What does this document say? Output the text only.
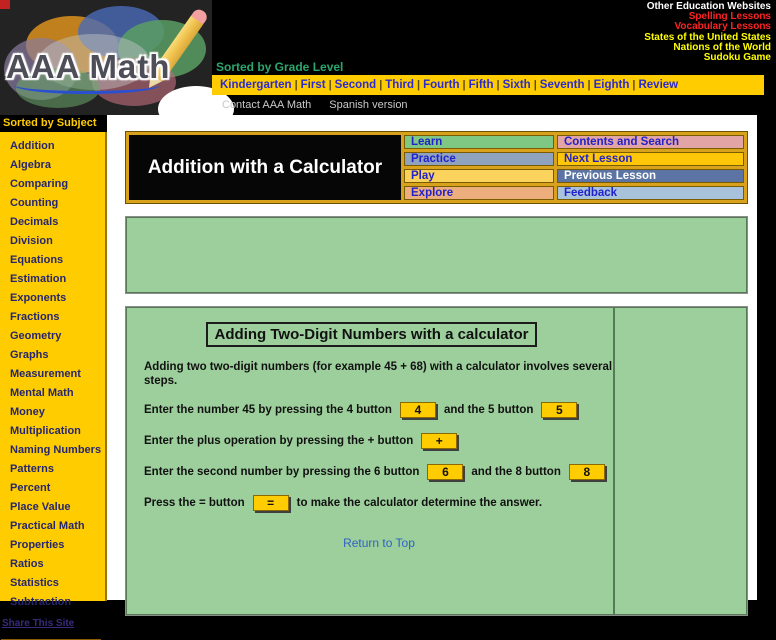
AAA Math
Other Education Websites
Spelling Lessons
Vocabulary Lessons
States of the United States
Nations of the World
Sudoku Game
Sorted by Grade Level
Kindergarten | First | Second | Third | Fourth | Fifth | Sixth | Seventh | Eighth | Review
Contact AAA Math Spanish version
Sorted by Subject
Addition
Algebra
Comparing
Counting
Decimals
Division
Equations
Estimation
Exponents
Fractions
Geometry
Graphs
Measurement
Mental Math
Money
Multiplication
Naming Numbers
Patterns
Percent
Place Value
Practical Math
Properties
Ratios
Statistics
Subtraction
Share This Site
Addition with a Calculator
Learn	Contents and Search
Practice	Next Lesson
Play	Previous Lesson
Explore	Feedback
Adding Two-Digit Numbers with a calculator

Adding two two-digit numbers (for example 45 + 68) with a calculator involves several steps.

Enter the number 45 by pressing the 4 button	4	and the 5 button	5
Enter the plus operation by pressing the + button	+
Enter the second number by pressing the 6 button	6	and the 8 button	8
Press the = button	=	to make the calculator determine the answer.
Return to Top
